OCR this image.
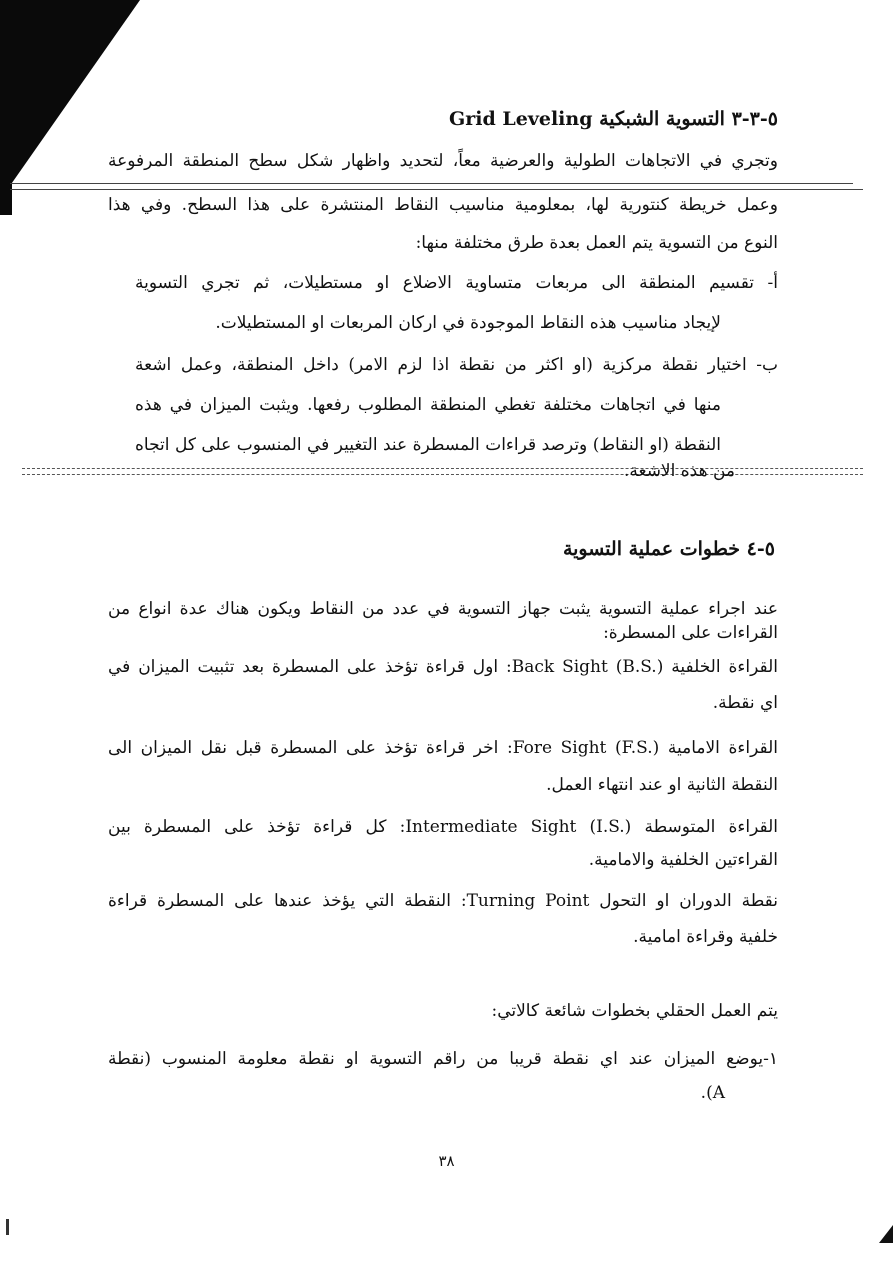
٥-٣-٣ التسوية الشبكية Grid Leveling
وتجري في الاتجاهات الطولية والعرضية معاً، لتحديد واظهار شكل سطح المنطقة المرفوعة
وعمل خريطة كنتورية لها، بمعلومية مناسيب النقاط المنتشرة على هذا السطح. وفي هذا
النوع من التسوية يتم العمل بعدة طرق مختلفة منها:
أ- تقسيم المنطقة الى مربعات متساوية الاضلاع او مستطيلات، ثم تجري التسوية
لإيجاد مناسيب هذه النقاط الموجودة في اركان المربعات او المستطيلات.
ب- اختيار نقطة مركزية (او اكثر من نقطة اذا لزم الامر) داخل المنطقة، وعمل اشعة
منها في اتجاهات مختلفة تغطي المنطقة المطلوب رفعها. ويثبت الميزان في هذه
النقطة (او النقاط) وترصد قراءات المسطرة عند التغيير في المنسوب على كل اتجاه
من هذه الاشعة.
٥-٤ خطوات عملية التسوية
عند اجراء عملية التسوية يثبت جهاز التسوية في عدد من النقاط ويكون هناك عدة انواع من
القراءات على المسطرة:
القراءة الخلفية Back Sight (B.S.): اول قراءة تؤخذ على المسطرة بعد تثبيت الميزان في
اي نقطة.
القراءة الامامية Fore Sight (F.S.): اخر قراءة تؤخذ على المسطرة قبل نقل الميزان الى
النقطة الثانية او عند انتهاء العمل.
القراءة المتوسطة Intermediate Sight (I.S.): كل قراءة تؤخذ على المسطرة بين
القراءتين الخلفية والامامية.
نقطة الدوران او التحول Turning Point: النقطة التي يؤخذ عندها على المسطرة قراءة
خلفية وقراءة امامية.
يتم العمل الحقلي بخطوات شائعة كالاتي:
١-يوضع الميزان عند اي نقطة قريبا من راقم التسوية او نقطة معلومة المنسوب (نقطة
A).
٣٨
